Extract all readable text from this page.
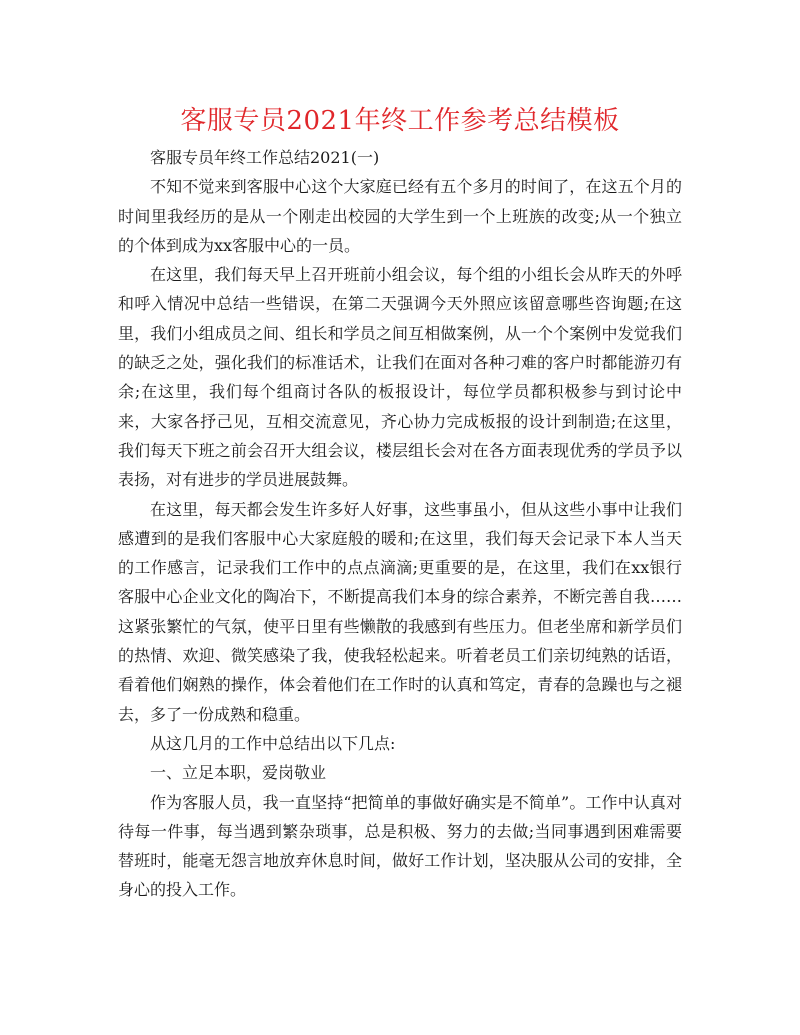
客服专员2021年终工作参考总结模板

客服专员年终工作总结2021(一)

不知不觉来到客服中心这个大家庭已经有五个多月的时间了，在这五个月的时间里我经历的是从一个刚走出校园的大学生到一个上班族的改变;从一个独立的个体到成为xx客服中心的一员。

在这里，我们每天早上召开班前小组会议，每个组的小组长会从昨天的外呼和呼入情况中总结一些错误，在第二天强调今天外照应该留意哪些咨询题;在这里，我们小组成员之间、组长和学员之间互相做案例，从一个个案例中发觉我们的缺乏之处，强化我们的标准话术，让我们在面对各种刁难的客户时都能游刃有余;在这里，我们每个组商讨各队的板报设计，每位学员都积极参与到讨论中来，大家各抒己见，互相交流意见，齐心协力完成板报的设计到制造;在这里，我们每天下班之前会召开大组会议，楼层组长会对在各方面表现优秀的学员予以表扬，对有进步的学员进展鼓舞。

在这里，每天都会发生许多好人好事，这些事虽小，但从这些小事中让我们感遭到的是我们客服中心大家庭般的暖和;在这里，我们每天会记录下本人当天的工作感言，记录我们工作中的点点滴滴;更重要的是，在这里，我们在xx银行客服中心企业文化的陶冶下，不断提高我们本身的综合素养，不断完善自我……这紧张繁忙的气氛，使平日里有些懒散的我感到有些压力。但老坐席和新学员们的热情、欢迎、微笑感染了我，使我轻松起来。听着老员工们亲切纯熟的话语，看着他们娴熟的操作，体会着他们在工作时的认真和笃定，青春的急躁也与之褪去，多了一份成熟和稳重。

从这几月的工作中总结出以下几点:

一、立足本职，爱岗敬业

作为客服人员，我一直坚持“把简单的事做好确实是不简单”。工作中认真对待每一件事，每当遇到繁杂琐事，总是积极、努力的去做;当同事遇到困难需要替班时，能毫无怨言地放弃休息时间，做好工作计划，坚决服从公司的安排，全身心的投入工作。
